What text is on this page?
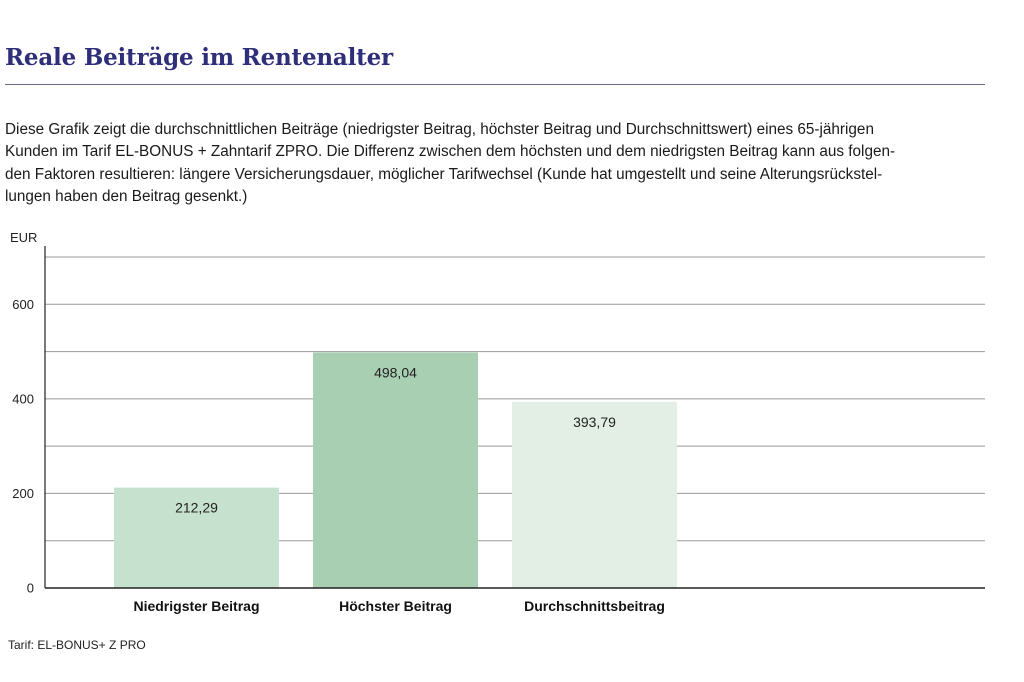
Reale Beiträge im Rentenalter
Diese Grafik zeigt die durchschnittlichen Beiträge (niedrigster Beitrag, höchster Beitrag und Durchschnittswert) eines 65-jährigen
Kunden im Tarif EL-BONUS + Zahntarif ZPRO. Die Differenz zwischen dem höchsten und dem niedrigsten Beitrag kann aus folgen-
den Faktoren resultieren: längere Versicherungsdauer, möglicher Tarifwechsel (Kunde hat umgestellt und seine Alterungsrückstel-
lungen haben den Beitrag gesenkt.)
EUR
0
200
400
600
212,29
Niedrigster Beitrag
498,04
Höchster Beitrag
393,79
Durchschnittsbeitrag
Tarif: EL-BONUS+ Z PRO
